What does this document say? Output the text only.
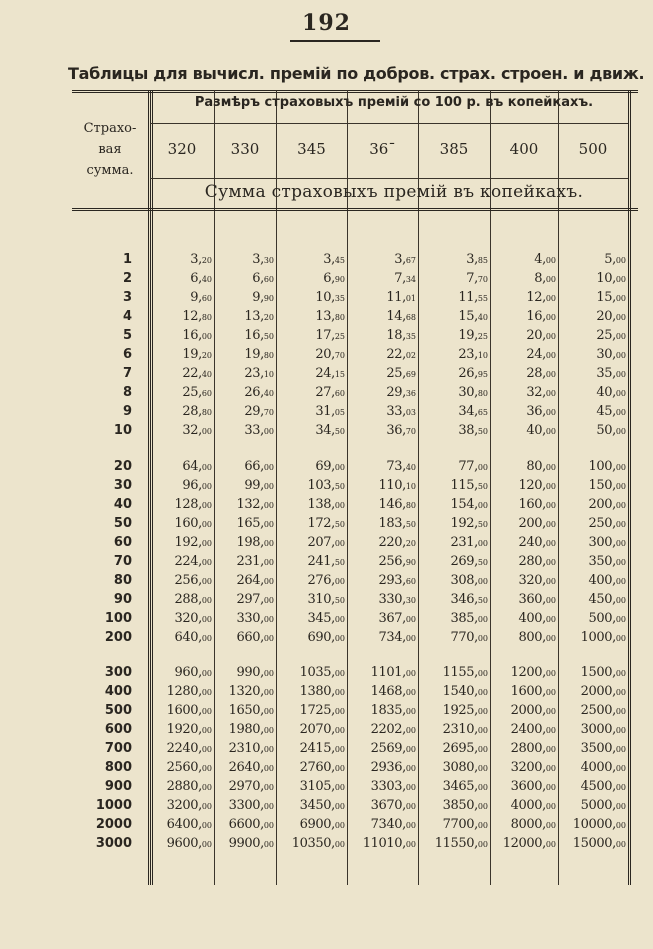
192
Таблицы для вычисл. премій по добров. страх. строен. и движ.
Страхо-
вая
сумма.
Размѣръ страховыхъ премій со 100 р. въ копейкахъ.
320	330	345	36ˉ	385	400	500
Сумма страховыхъ премій въ копейкахъ.
1	3,20	3,30	3,45	3,67	3,85	4,00	5,00
2	6,40	6,60	6,90	7,34	7,70	8,00	10,00
3	9,60	9,90	10,35	11,01	11,55	12,00	15,00
4	12,80	13,20	13,80	14,68	15,40	16,00	20,00
5	16,00	16,50	17,25	18,35	19,25	20,00	25,00
6	19,20	19,80	20,70	22,02	23,10	24,00	30,00
7	22,40	23,10	24,15	25,69	26,95	28,00	35,00
8	25,60	26,40	27,60	29,36	30,80	32,00	40,00
9	28,80	29,70	31,05	33,03	34,65	36,00	45,00
10	32,00	33,00	34,50	36,70	38,50	40,00	50,00
20	64,00	66,00	69,00	73,40	77,00	80,00	100,00
30	96,00	99,00	103,50	110,10	115,50	120,00	150,00
40	128,00	132,00	138,00	146,80	154,00	160,00	200,00
50	160,00	165,00	172,50	183,50	192,50	200,00	250,00
60	192,00	198,00	207,00	220,20	231,00	240,00	300,00
70	224,00	231,00	241,50	256,90	269,50	280,00	350,00
80	256,00	264,00	276,00	293,60	308,00	320,00	400,00
90	288,00	297,00	310,50	330,30	346,50	360,00	450,00
100	320,00	330,00	345,00	367,00	385,00	400,00	500,00
200	640,00	660,00	690,00	734,00	770,00	800,00	1000,00
300	960,00	990,00	1035,00	1101,00	1155,00	1200,00	1500,00
400	1280,00	1320,00	1380,00	1468,00	1540,00	1600,00	2000,00
500	1600,00	1650,00	1725,00	1835,00	1925,00	2000,00	2500,00
600	1920,00	1980,00	2070,00	2202,00	2310,00	2400,00	3000,00
700	2240,00	2310,00	2415,00	2569,00	2695,00	2800,00	3500,00
800	2560,00	2640,00	2760,00	2936,00	3080,00	3200,00	4000,00
900	2880,00	2970,00	3105,00	3303,00	3465,00	3600,00	4500,00
1000	3200,00	3300,00	3450,00	3670,00	3850,00	4000,00	5000,00
2000	6400,00	6600,00	6900,00	7340,00	7700,00	8000,00	10000,00
3000	9600,00	9900,00	10350,00	11010,00	11550,00	12000,00	15000,00
